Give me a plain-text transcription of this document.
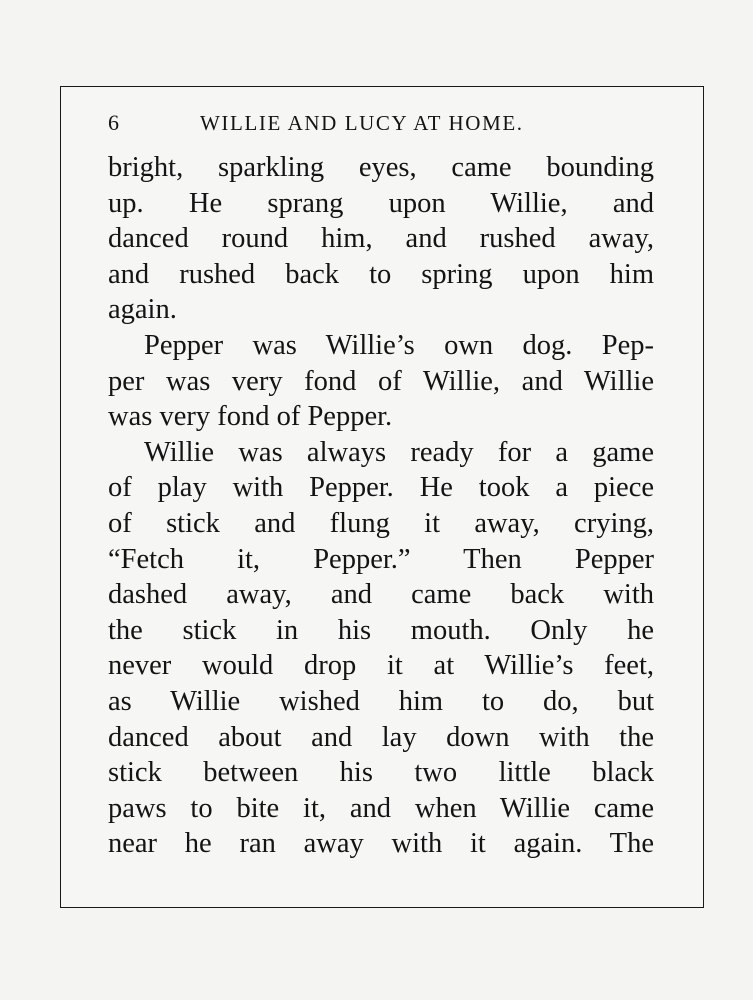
6	WILLIE AND LUCY AT HOME.
bright, sparkling eyes, came bounding
up. He sprang upon Willie, and
danced round him, and rushed away,
and rushed back to spring upon him
again.
Pepper was Willie’s own dog. Pep-
per was very fond of Willie, and Willie
was very fond of Pepper.
Willie was always ready for a game
of play with Pepper. He took a piece
of stick and flung it away, crying,
“Fetch it, Pepper.” Then Pepper
dashed away, and came back with
the stick in his mouth. Only he
never would drop it at Willie’s feet,
as Willie wished him to do, but
danced about and lay down with the
stick between his two little black
paws to bite it, and when Willie came
near he ran away with it again. The
